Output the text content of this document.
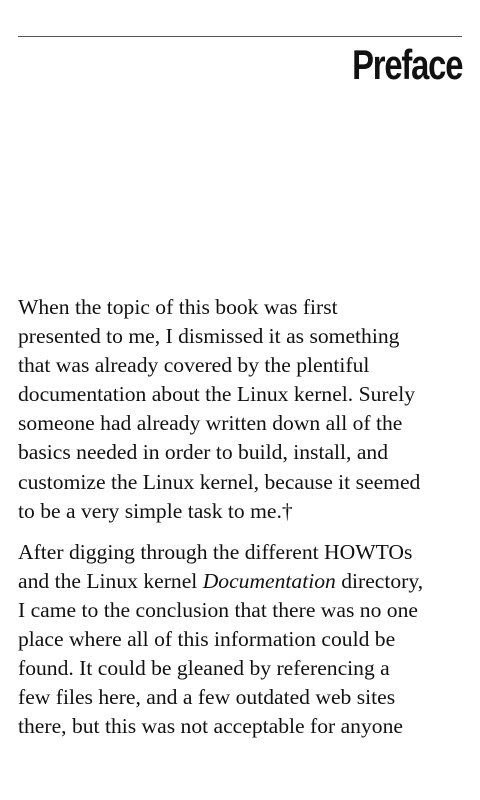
Preface

When the topic of this book was first
presented to me, I dismissed it as something
that was already covered by the plentiful
documentation about the Linux kernel. Surely
someone had already written down all of the
basics needed in order to build, install, and
customize the Linux kernel, because it seemed
to be a very simple task to me.†

After digging through the different HOWTOs
and the Linux kernel Documentation directory,
I came to the conclusion that there was no one
place where all of this information could be
found. It could be gleaned by referencing a
few files here, and a few outdated web sites
there, but this was not acceptable for anyone
